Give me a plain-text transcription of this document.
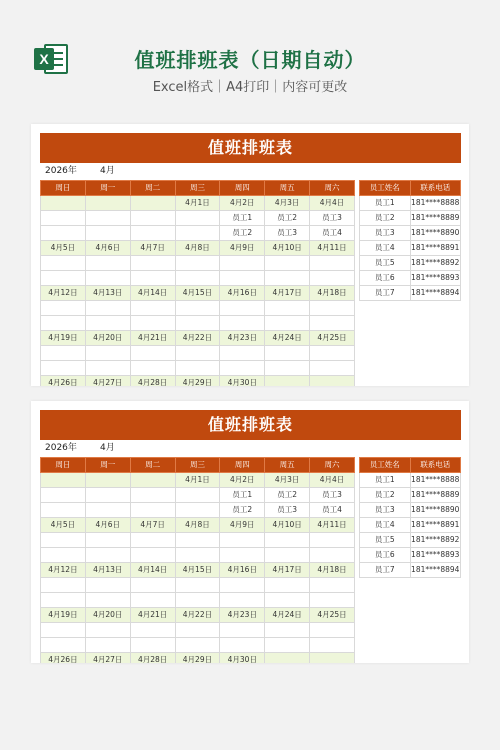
X	值班排班表（日期自动）
Excel格式｜A4打印｜内容可更改
值班排班表
2026年	4月
周日	周一	周二	周三	周四	周五	周六
			4月1日	4月2日	4月3日	4月4日
				员工1	员工2	员工3
				员工2	员工3	员工4
4月5日	4月6日	4月7日	4月8日	4月9日	4月10日	4月11日

4月12日	4月13日	4月14日	4月15日	4月16日	4月17日	4月18日

4月19日	4月20日	4月21日	4月22日	4月23日	4月24日	4月25日

4月26日	4月27日	4月28日	4月29日	4月30日		
员工姓名	联系电话
员工1	181****8888
员工2	181****8889
员工3	181****8890
员工4	181****8891
员工5	181****8892
员工6	181****8893
员工7	181****8894
值班排班表
2026年	4月
周日	周一	周二	周三	周四	周五	周六
			4月1日	4月2日	4月3日	4月4日
				员工1	员工2	员工3
				员工2	员工3	员工4
4月5日	4月6日	4月7日	4月8日	4月9日	4月10日	4月11日

4月12日	4月13日	4月14日	4月15日	4月16日	4月17日	4月18日

4月19日	4月20日	4月21日	4月22日	4月23日	4月24日	4月25日

4月26日	4月27日	4月28日	4月29日	4月30日		
员工姓名	联系电话
员工1	181****8888
员工2	181****8889
员工3	181****8890
员工4	181****8891
员工5	181****8892
员工6	181****8893
员工7	181****8894
